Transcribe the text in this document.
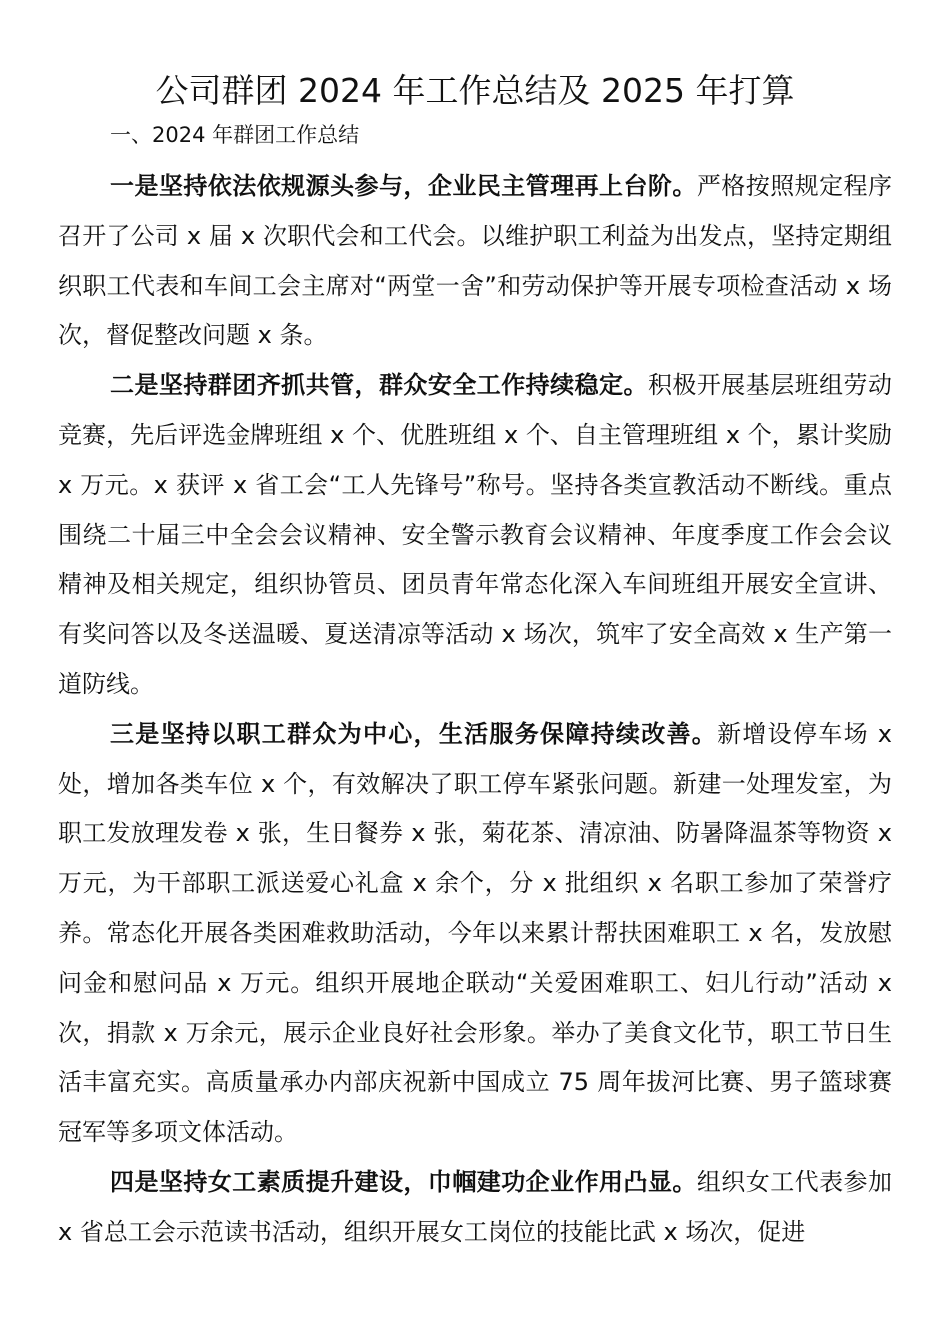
公司群团 2024 年工作总结及 2025 年打算

一、2024 年群团工作总结

一是坚持依法依规源头参与，企业民主管理再上台阶。严格按照规定程序召开了公司 x 届 x 次职代会和工代会。以维护职工利益为出发点，坚持定期组织职工代表和车间工会主席对“两堂一舍”和劳动保护等开展专项检查活动 x 场次，督促整改问题 x 条。

二是坚持群团齐抓共管，群众安全工作持续稳定。积极开展基层班组劳动竞赛，先后评选金牌班组 x 个、优胜班组 x 个、自主管理班组 x 个，累计奖励 x 万元。x 获评 x 省工会“工人先锋号”称号。坚持各类宣教活动不断线。重点围绕二十届三中全会会议精神、安全警示教育会议精神、年度季度工作会会议精神及相关规定，组织协管员、团员青年常态化深入车间班组开展安全宣讲、有奖问答以及冬送温暖、夏送清凉等活动 x 场次，筑牢了安全高效 x 生产第一道防线。

三是坚持以职工群众为中心，生活服务保障持续改善。新增设停车场 x 处，增加各类车位 x 个，有效解决了职工停车紧张问题。新建一处理发室，为职工发放理发卷 x 张，生日餐券 x 张，菊花茶、清凉油、防暑降温茶等物资 x 万元，为干部职工派送爱心礼盒 x 余个，分 x 批组织 x 名职工参加了荣誉疗养。常态化开展各类困难救助活动，今年以来累计帮扶困难职工 x 名，发放慰问金和慰问品 x 万元。组织开展地企联动“关爱困难职工、妇儿行动”活动 x 次，捐款 x 万余元，展示企业良好社会形象。举办了美食文化节，职工节日生活丰富充实。高质量承办内部庆祝新中国成立 75 周年拔河比赛、男子篮球赛冠军等多项文体活动。

四是坚持女工素质提升建设，巾帼建功企业作用凸显。组织女工代表参加 x 省总工会示范读书活动，组织开展女工岗位的技能比武 x 场次，促进
